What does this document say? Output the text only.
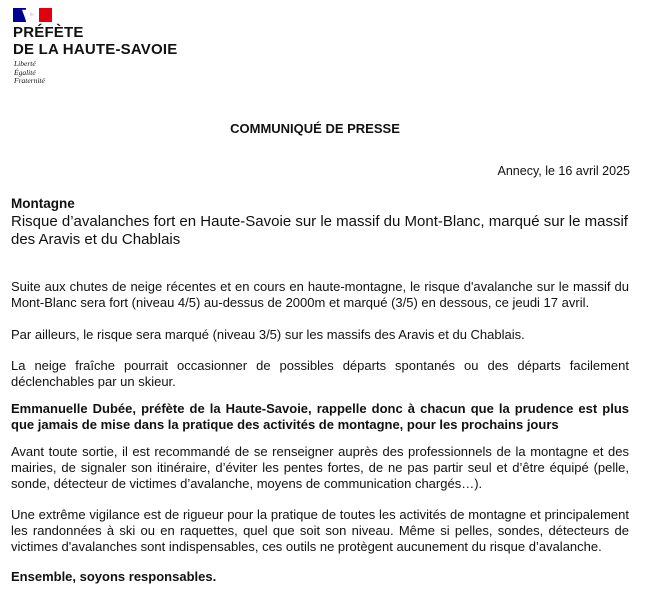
PRÉFÈTE
DE LA HAUTE-SAVOIE
Liberté
Égalité
Fraternité
COMMUNIQUÉ DE PRESSE
Annecy, le 16 avril 2025

Montagne

Risque d’avalanches fort en Haute-Savoie sur le massif du Mont-Blanc, marqué sur le massif des Aravis et du Chablais

Suite aux chutes de neige récentes et en cours en haute-montagne, le risque d'avalanche sur le massif du Mont-Blanc sera fort (niveau 4/5) au-dessus de 2000m et marqué (3/5) en dessous, ce jeudi 17 avril.

Par ailleurs, le risque sera marqué (niveau 3/5) sur les massifs des Aravis et du Chablais.

La neige fraîche pourrait occasionner de possibles départs spontanés ou des départs facilement déclenchables par un skieur.

Emmanuelle Dubée, préfète de la Haute-Savoie, rappelle donc à chacun que la prudence est plus que jamais de mise dans la pratique des activités de montagne, pour les prochains jours

Avant toute sortie, il est recommandé de se renseigner auprès des professionnels de la montagne et des mairies, de signaler son itinéraire, d’éviter les pentes fortes, de ne pas partir seul et d’être équipé (pelle, sonde, détecteur de victimes d’avalanche, moyens de communication chargés…).

Une extrême vigilance est de rigueur pour la pratique de toutes les activités de montagne et principalement les randonnées à ski ou en raquettes, quel que soit son niveau. Même si pelles, sondes, détecteurs de victimes d'avalanches sont indispensables, ces outils ne protègent aucunement du risque d’avalanche.

Ensemble, soyons responsables.
